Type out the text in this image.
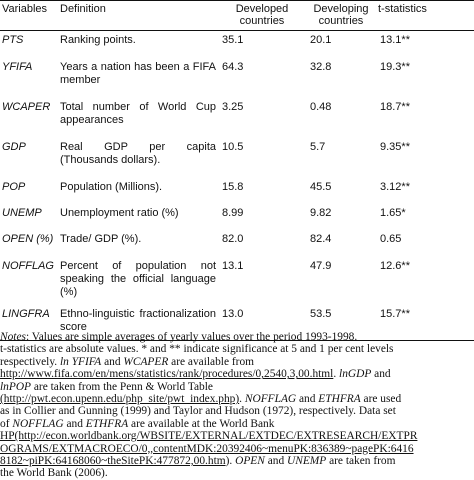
Variables	Definition	Developed countries	Developing countries	t-statistics
PTS	Ranking points.	35.1	20.1	13.1**
YFIFA	Years a nation has been a FIFA member	64.3	32.8	19.3**
WCAPER	Total number of World Cup appearances	3.25	0.48	18.7**
GDP	Real GDP per capita (Thousands dollars).	10.5	5.7	9.35**
POP	Population (Millions).	15.8	45.5	3.12**
UNEMP	Unemployment ratio (%)	8.99	9.82	1.65*
OPEN (%)	Trade/ GDP (%).	82.0	82.4	0.65
NOFFLAG	Percent of population not speaking the official language (%)	13.1	47.9	12.6**
LINGFRA	Ethno-linguistic fractionalization score	13.0	53.5	15.7**
Notes: Values are simple averages of yearly values over the period 1993-1998.
t-statistics are absolute values. * and ** indicate significance at 5 and 1 per cent levels
respectively. ln YFIFA and WCAPER are available from
http://www.fifa.com/en/mens/statistics/rank/procedures/0,2540,3,00.html. lnGDP and
lnPOP are taken from the Penn & World Table
(http://pwt.econ.upenn.edu/php_site/pwt_index.php). NOFFLAG and ETHFRA are used
as in Collier and Gunning (1999) and Taylor and Hudson (1972), respectively. Data set
of NOFFLAG and ETHFRA are available at the World Bank
HP(http://econ.worldbank.org/WBSITE/EXTERNAL/EXTDEC/EXTRESEARCH/EXTPR
OGRAMS/EXTMACROECO/0,,contentMDK:20392406~menuPK:836389~pagePK:6416
8182~piPK:64168060~theSitePK:477872,00.htm). OPEN and UNEMP are taken from
the World Bank (2006).
